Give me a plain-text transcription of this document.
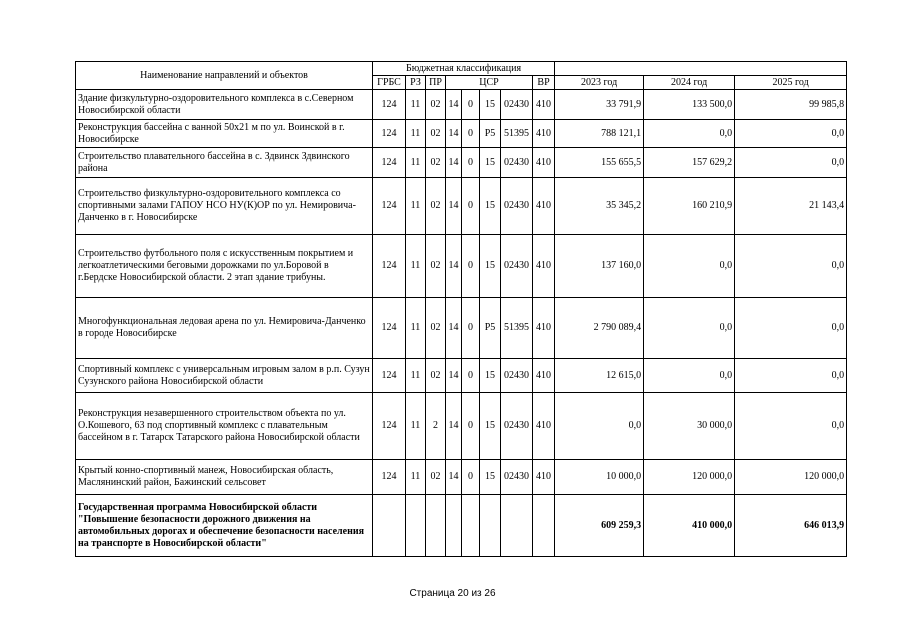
Наименование направлений и объектов	Бюджетная классификация										
	ГРБС	РЗ	ПР	ЦСР				ВР	2023 год	2024 год	2025 год
Здание физкультурно-оздоровительного комплекса в с.Северном Новосибирской области	124	11	02	14	0	15	02430	410	33 791,9	133 500,0	99 985,8
Реконструкция бассейна с ванной 50х21 м по ул. Воинской в г. Новосибирске	124	11	02	14	0	Р5	51395	410	788 121,1	0,0	0,0
Строительство плавательного бассейна в с. Здвинск Здвинского района	124	11	02	14	0	15	02430	410	155 655,5	157 629,2	0,0
Строительство физкультурно-оздоровительного комплекса со спортивными залами ГАПОУ НСО НУ(К)ОР по ул. Немировича-Данченко в г. Новосибирске	124	11	02	14	0	15	02430	410	35 345,2	160 210,9	21 143,4
Строительство футбольного поля с искусственным покрытием и легкоатлетическими беговыми дорожками по ул.Боровой в г.Бердске Новосибирской области. 2 этап здание трибуны.	124	11	02	14	0	15	02430	410	137 160,0	0,0	0,0
Многофункциональная ледовая арена по ул. Немировича-Данченко в городе Новосибирске	124	11	02	14	0	Р5	51395	410	2 790 089,4	0,0	0,0
Спортивный комплекс с универсальным игровым залом в р.п. Сузун Сузунского района Новосибирской области	124	11	02	14	0	15	02430	410	12 615,0	0,0	0,0
Реконструкция незавершенного строительством объекта по ул. О.Кошевого, 63 под спортивный комплекс с плавательным бассейном в г. Татарск Татарского района Новосибирской области	124	11	2	14	0	15	02430	410	0,0	30 000,0	0,0
Крытый конно-спортивный манеж, Новосибирская область, Маслянинский район, Бажинский сельсовет	124	11	02	14	0	15	02430	410	10 000,0	120 000,0	120 000,0
Государственная программа Новосибирской области "Повышение безопасности дорожного движения на автомобильных дорогах и обеспечение безопасности населения на транспорте в Новосибирской области"									609 259,3	410 000,0	646 013,9
Страница 20 из 26
